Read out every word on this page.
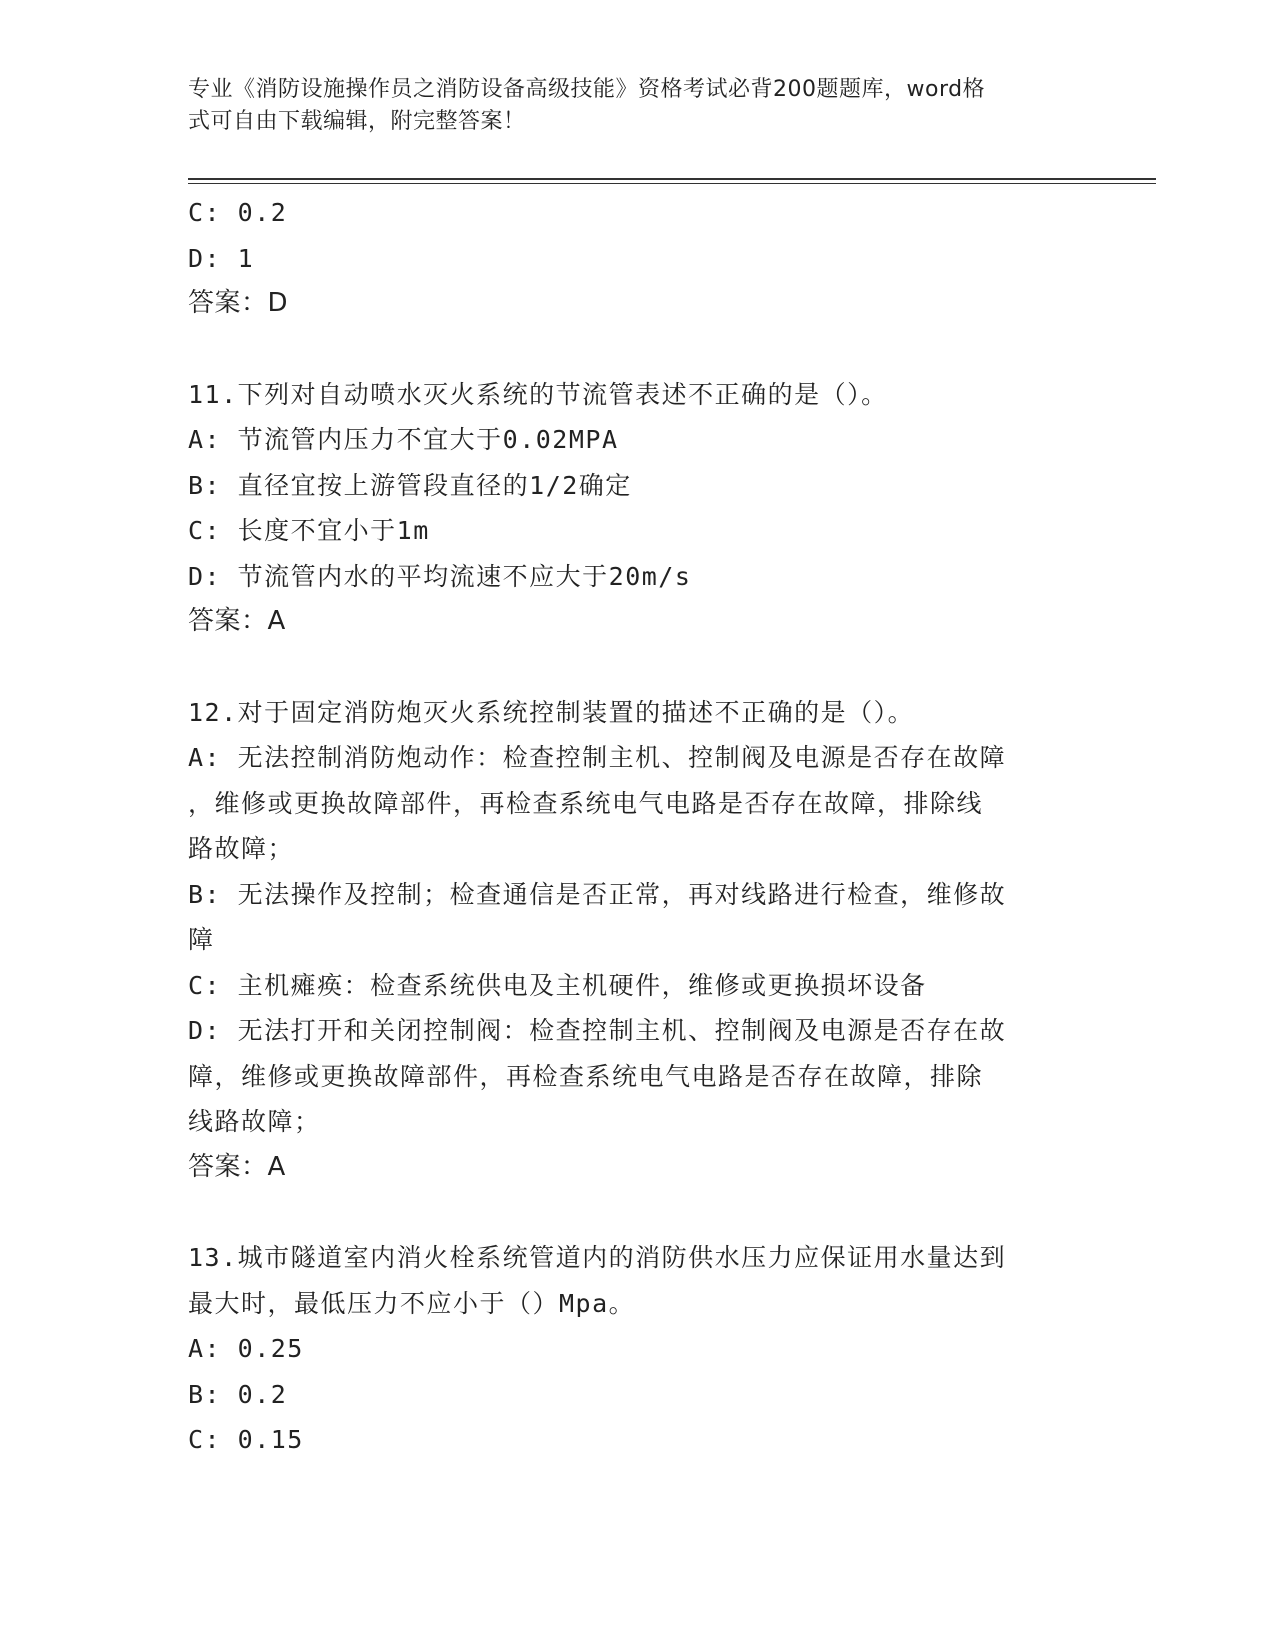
专业《消防设施操作员之消防设备高级技能》资格考试必背200题题库，word格
式可自由下载编辑，附完整答案！
C: 0.2
D: 1
答案：D
11.下列对自动喷水灭火系统的节流管表述不正确的是（）。
A: 节流管内压力不宜大于0.02MPA
B: 直径宜按上游管段直径的1/2确定
C: 长度不宜小于1m
D: 节流管内水的平均流速不应大于20m/s
答案：A
12.对于固定消防炮灭火系统控制装置的描述不正确的是（）。
A: 无法控制消防炮动作：检查控制主机、控制阀及电源是否存在故障
，维修或更换故障部件，再检查系统电气电路是否存在故障，排除线
路故障；
B: 无法操作及控制；检查通信是否正常，再对线路进行检查，维修故
障
C: 主机瘫痪：检查系统供电及主机硬件，维修或更换损坏设备
D: 无法打开和关闭控制阀：检查控制主机、控制阀及电源是否存在故
障，维修或更换故障部件，再检查系统电气电路是否存在故障，排除
线路故障；
答案：A
13.城市隧道室内消火栓系统管道内的消防供水压力应保证用水量达到
最大时，最低压力不应小于（）Mpa。
A: 0.25
B: 0.2
C: 0.15
